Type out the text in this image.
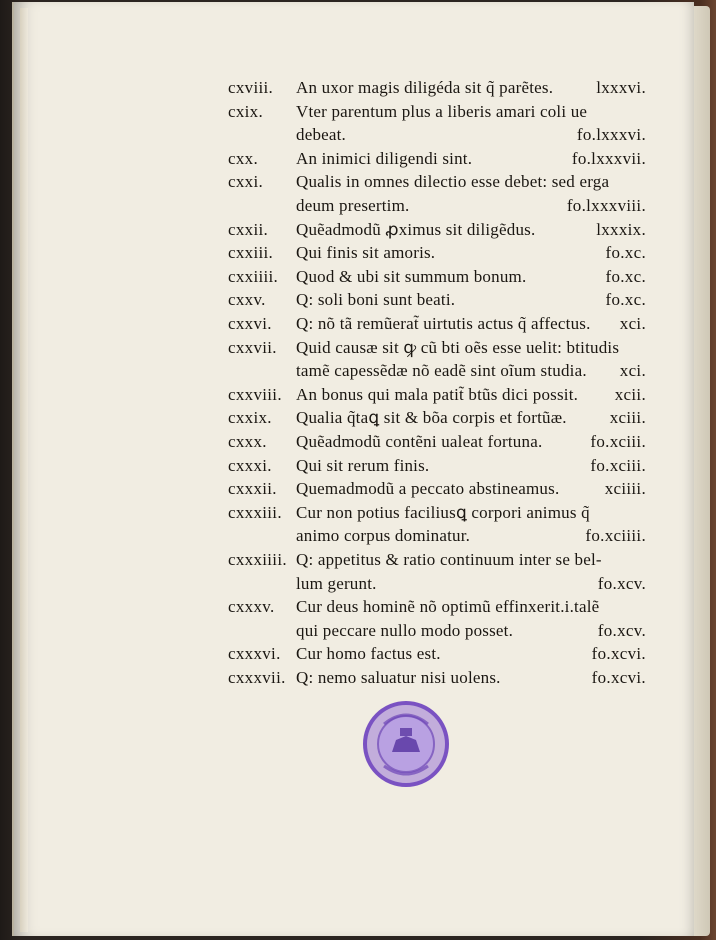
cxviii. An uxor magis diligéda sit q̃ parẽtes.	lxxxvi.
cxix. Vter parentum plus a liberis amari coli ue
debeat.	fo.lxxxvi.
cxx. An inimici diligendi sint.	fo.lxxxvii.
cxxi. Qualis in omnes dilectio esse debet: sed erga
deum presertim.	fo.lxxxviii.
cxxii. Quẽadmodũ ꝓximus sit diligẽdus.	lxxxix.
cxxiii. Qui finis sit amoris.	fo.xc.
cxxiiii. Quod & ubi sit summum bonum.	fo.xc.
cxxv. Q: soli boni sunt beati.	fo.xc.
cxxvi. Q: nõ tã remũerat̃ uirtutis actus q̃ affectus. xci.
cxxvii. Quid causæ sit ꝙ cũ bti oẽs esse uelit: btitudis
tamẽ capessẽdæ nõ eadẽ sint oĩum studia. xci.
cxxviii. An bonus qui mala patit̃ btũs dici possit. xcii.
cxxix. Qualia q̃taꝗ sit & bõa corpis et fortũæ.	xciii.
cxxx. Quẽadmodũ contẽni ualeat fortuna.	fo.xciii.
cxxxi. Qui sit rerum finis.	fo.xciii.
cxxxii. Quemadmodũ a peccato abstineamus.	xciiii.
cxxxiii. Cur non potius faciliusꝗ corpori animus q̃
animo corpus dominatur.	fo.xciiii.
cxxxiiii. Q: appetitus & ratio continuum inter se bel-
lum gerunt.	fo.xcv.
cxxxv. Cur deus hominẽ nõ optimũ effinxerit.i.talẽ
qui peccare nullo modo posset.	fo.xcv.
cxxxvi. Cur homo factus est.	fo.xcvi.
cxxxvii. Q: nemo saluatur nisi uolens.	fo.xcvi.
